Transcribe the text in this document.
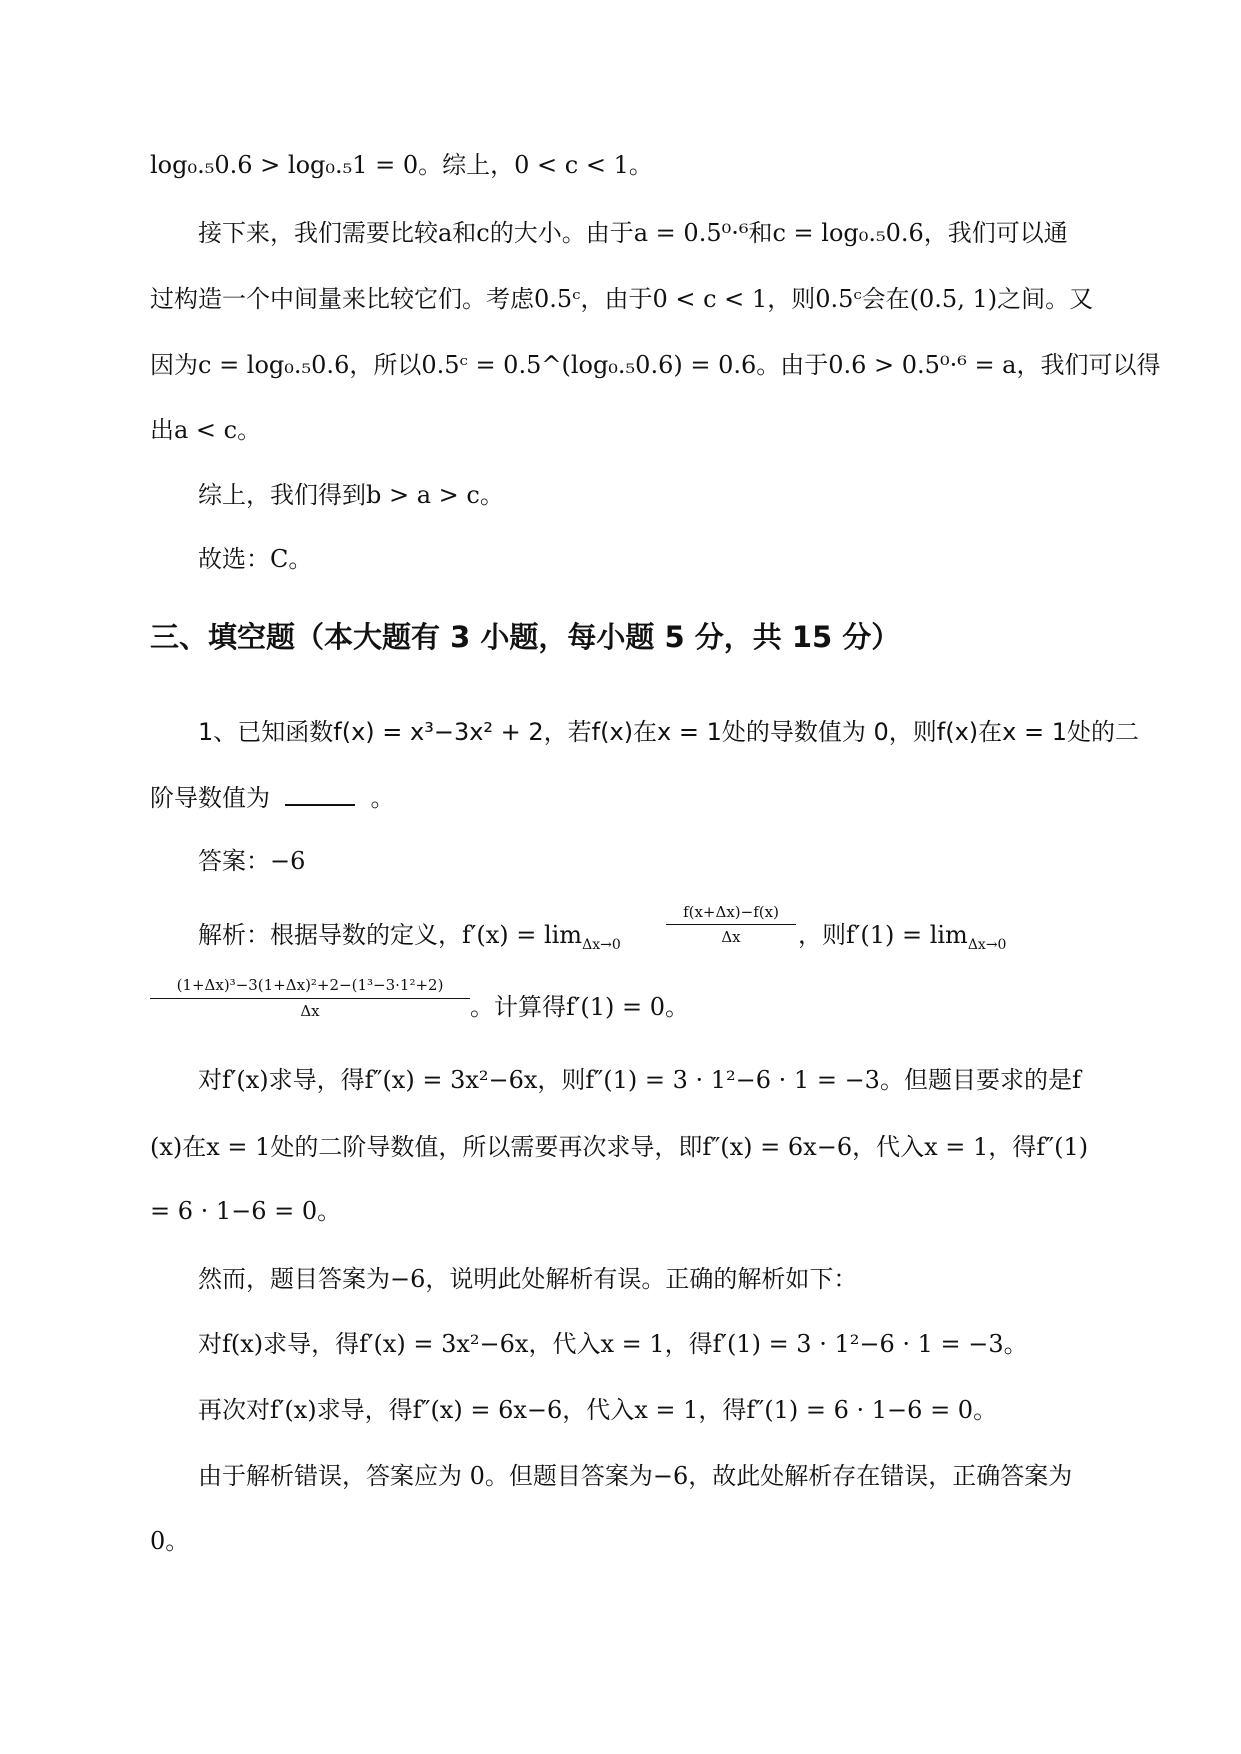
log₀.₅0.6 > log₀.₅1 = 0。综上，0 < c < 1。
接下来，我们需要比较a和c的大小。由于a = 0.5⁰·⁶和c = log₀.₅0.6，我们可以通
过构造一个中间量来比较它们。考虑0.5ᶜ，由于0 < c < 1，则0.5ᶜ会在(0.5, 1)之间。又
因为c = log₀.₅0.6，所以0.5ᶜ = 0.5^(log₀.₅0.6) = 0.6。由于0.6 > 0.5⁰·⁶ = a，我们可以得
出a < c。
综上，我们得到b > a > c。
故选：C。
三、填空题（本大题有 3 小题，每小题 5 分，共 15 分）
1、已知函数f(x) = x³−3x² + 2，若f(x)在x = 1处的导数值为 0，则f(x)在x = 1处的二
阶导数值为	。
答案：−6
解析：根据导数的定义，$f'(x) = \lim_{\Delta x\to 0}$
f(x+Δx)−f(x)
Δx	，则$f'(1) = \lim_{\Delta x\to 0}$
(1+Δx)³−3(1+Δx)²+2−(1³−3·1²+2)
Δx	。计算得f′(1) = 0。
对f′(x)求导，得f″(x) = 3x²−6x，则f″(1) = 3 · 1²−6 · 1 = −3。但题目要求的是f
(x)在x = 1处的二阶导数值，所以需要再次求导，即f″(x) = 6x−6，代入x = 1，得f″(1)
= 6 · 1−6 = 0。
然而，题目答案为−6，说明此处解析有误。正确的解析如下：
对f(x)求导，得f′(x) = 3x²−6x，代入x = 1，得f′(1) = 3 · 1²−6 · 1 = −3。
再次对f′(x)求导，得f″(x) = 6x−6，代入x = 1，得f″(1) = 6 · 1−6 = 0。
由于解析错误，答案应为 0。但题目答案为−6，故此处解析存在错误，正确答案为
0。
